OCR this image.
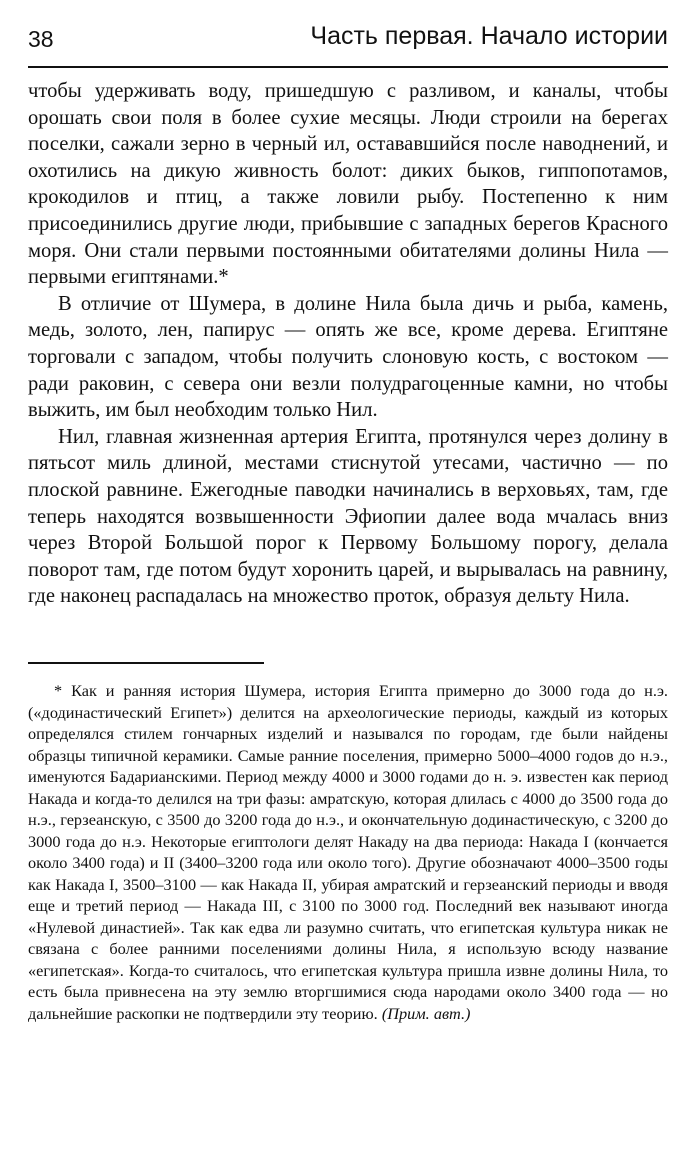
38	Часть первая. Начало истории

чтобы удерживать воду, пришедшую с разливом, и каналы, чтобы орошать свои поля в более сухие месяцы. Люди строили на берегах поселки, сажали зерно в черный ил, остававшийся после наводнений, и охотились на дикую живность болот: диких быков, гиппопотамов, крокодилов и птиц, а также ловили рыбу. Постепенно к ним присоединились другие люди, прибывшие с западных берегов Красного моря. Они стали первыми постоянными обитателями долины Нила — первыми египтянами.*

В отличие от Шумера, в долине Нила была дичь и рыба, камень, медь, золото, лен, папирус — опять же все, кроме дерева. Египтяне торговали с западом, чтобы получить слоновую кость, с востоком — ради раковин, с севера они везли полудрагоценные камни, но чтобы выжить, им был необходим только Нил.

Нил, главная жизненная артерия Египта, протянулся через долину в пятьсот миль длиной, местами стиснутой утесами, частично — по плоской равнине. Ежегодные паводки начинались в верховьях, там, где теперь находятся возвышенности Эфиопии далее вода мчалась вниз через Второй Большой порог к Первому Большому порогу, делала поворот там, где потом будут хоронить царей, и вырывалась на равнину, где наконец распадалась на множество проток, образуя дельту Нила.

* Как и ранняя история Шумера, история Египта примерно до 3000 года до н.э. («додинастический Египет») делится на археологические периоды, каждый из которых определялся стилем гончарных изделий и назывался по городам, где были найдены образцы типичной керамики. Самые ранние поселения, примерно 5000–4000 годов до н.э., именуются Бадарианскими. Период между 4000 и 3000 годами до н. э. известен как период Накада и когда-то делился на три фазы: амратскую, которая длилась с 4000 до 3500 года до н.э., герзеанскую, с 3500 до 3200 года до н.э., и окончательную додинастическую, с 3200 до 3000 года до н.э. Некоторые египтологи делят Накаду на два периода: Накада I (кончается около 3400 года) и II (3400–3200 года или около того). Другие обозначают 4000–3500 годы как Накада I, 3500–3100 — как Накада II, убирая амратский и герзеанский периоды и вводя еще и третий период — Накада III, с 3100 по 3000 год. Последний век называют иногда «Нулевой династией». Так как едва ли разумно считать, что египетская культура никак не связана с более ранними поселениями долины Нила, я использую всюду название «египетская». Когда-то считалось, что египетская культура пришла извне долины Нила, то есть была привнесена на эту землю вторгшимися сюда народами около 3400 года — но дальнейшие раскопки не подтвердили эту теорию. (Прим. авт.)
